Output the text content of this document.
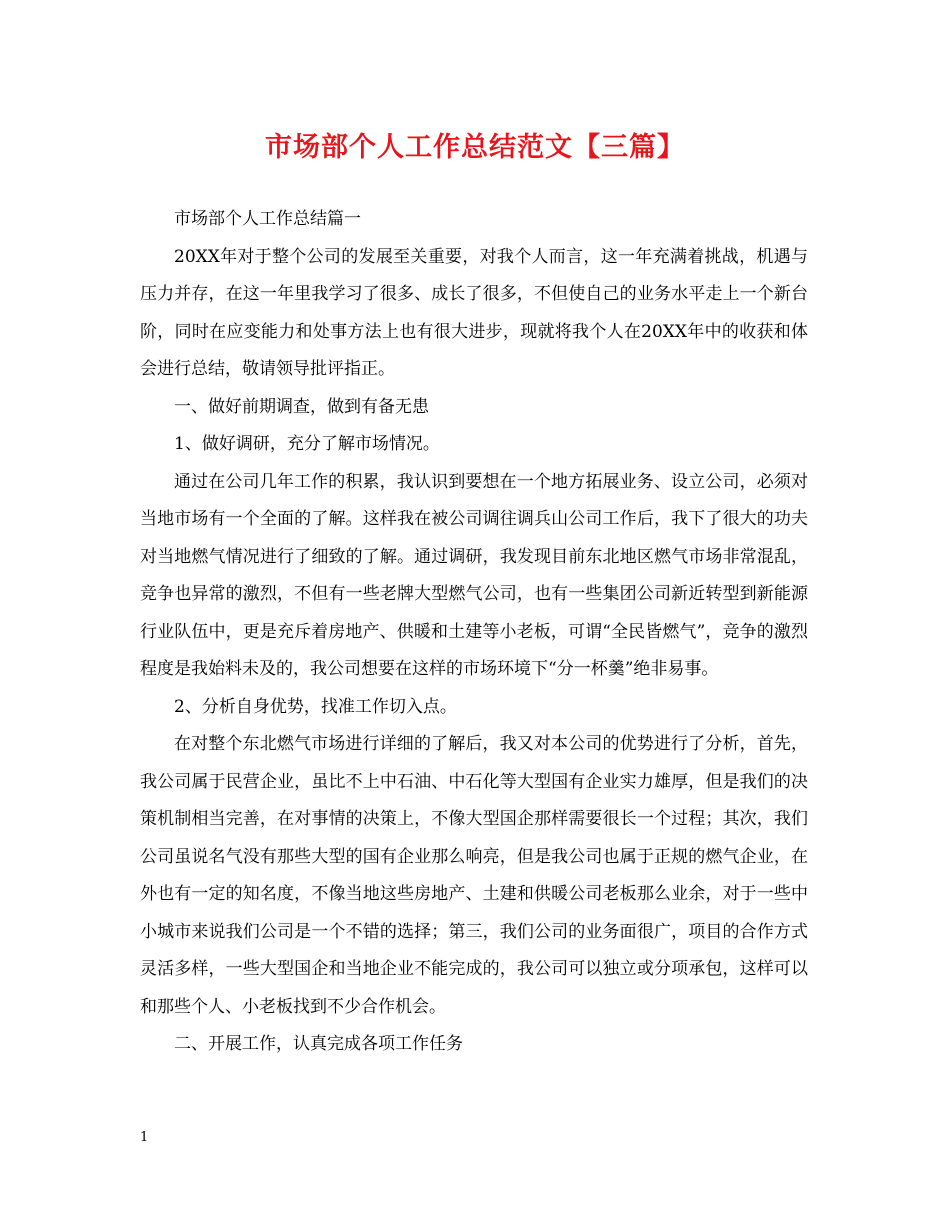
市场部个人工作总结范文【三篇】

市场部个人工作总结篇一

20XX年对于整个公司的发展至关重要，对我个人而言，这一年充满着挑战，机遇与压力并存，在这一年里我学习了很多、成长了很多，不但使自己的业务水平走上一个新台阶，同时在应变能力和处事方法上也有很大进步，现就将我个人在20XX年中的收获和体会进行总结，敬请领导批评指正。

一、做好前期调查，做到有备无患

1、做好调研，充分了解市场情况。

通过在公司几年工作的积累，我认识到要想在一个地方拓展业务、设立公司，必须对当地市场有一个全面的了解。这样我在被公司调往调兵山公司工作后，我下了很大的功夫对当地燃气情况进行了细致的了解。通过调研，我发现目前东北地区燃气市场非常混乱，竞争也异常的激烈，不但有一些老牌大型燃气公司，也有一些集团公司新近转型到新能源行业队伍中，更是充斥着房地产、供暖和土建等小老板，可谓“全民皆燃气”，竞争的激烈程度是我始料未及的，我公司想要在这样的市场环境下“分一杯羹”绝非易事。

2、分析自身优势，找准工作切入点。

在对整个东北燃气市场进行详细的了解后，我又对本公司的优势进行了分析，首先，我公司属于民营企业，虽比不上中石油、中石化等大型国有企业实力雄厚，但是我们的决策机制相当完善，在对事情的决策上，不像大型国企那样需要很长一个过程；其次，我们公司虽说名气没有那些大型的国有企业那么响亮，但是我公司也属于正规的燃气企业，在外也有一定的知名度，不像当地这些房地产、土建和供暖公司老板那么业余，对于一些中小城市来说我们公司是一个不错的选择；第三，我们公司的业务面很广，项目的合作方式灵活多样，一些大型国企和当地企业不能完成的，我公司可以独立或分项承包，这样可以和那些个人、小老板找到不少合作机会。

二、开展工作，认真完成各项工作任务

1
